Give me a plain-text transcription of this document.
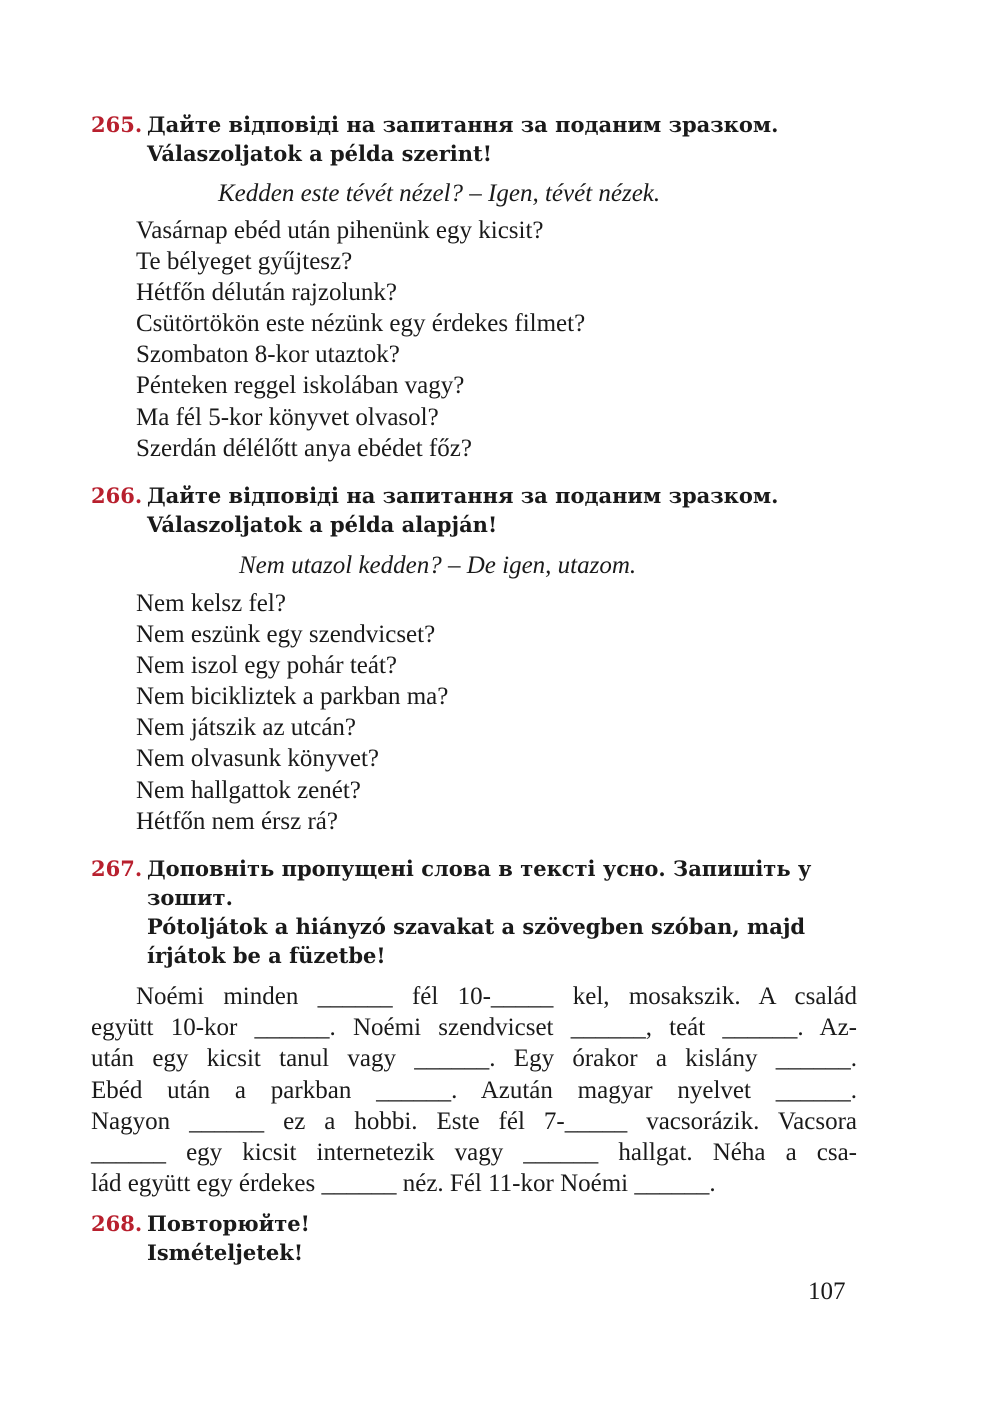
265. Дайте відповіді на запитання за поданим зразком.
Válaszoljatok a példa szerint!
Kedden este tévét nézel? – Igen, tévét nézek.
Vasárnap ebéd után pihenünk egy kicsit?
Te bélyeget gyűjtesz?
Hétfőn délután rajzolunk?
Csütörtökön este nézünk egy érdekes filmet?
Szombaton 8-kor utaztok?
Pénteken reggel iskolában vagy?
Ma fél 5-kor könyvet olvasol?
Szerdán délélőtt anya ebédet főz?
266. Дайте відповіді на запитання за поданим зразком.
Válaszoljatok a példa alapján!
Nem utazol kedden? – De igen, utazom.
Nem kelsz fel?
Nem eszünk egy szendvicset?
Nem iszol egy pohár teát?
Nem bicikliztek a parkban ma?
Nem játszik az utcán?
Nem olvasunk könyvet?
Nem hallgattok zenét?
Hétfőn nem érsz rá?
267. Доповніть пропущені слова в тексті усно. Запишіть у
зошит.
Pótoljátok a hiányzó szavakat a szövegben szóban, majd
írjátok be a füzetbe!
Noémi minden ______ fél 10-_____ kel, mosakszik. A család
együtt 10-kor ______. Noémi szendvicset ______, teát ______. Az-
után egy kicsit tanul vagy ______. Egy órakor a kislány ______.
Ebéd után a parkban ______. Azután magyar nyelvet ______.
Nagyon ______ ez a hobbi. Este fél 7-_____ vacsorázik. Vacsora
______ egy kicsit internetezik vagy ______ hallgat. Néha a csa-
lád együtt egy érdekes ______ néz. Fél 11-kor Noémi ______.
268. Повторюйте!
Ismételjetek!
107
